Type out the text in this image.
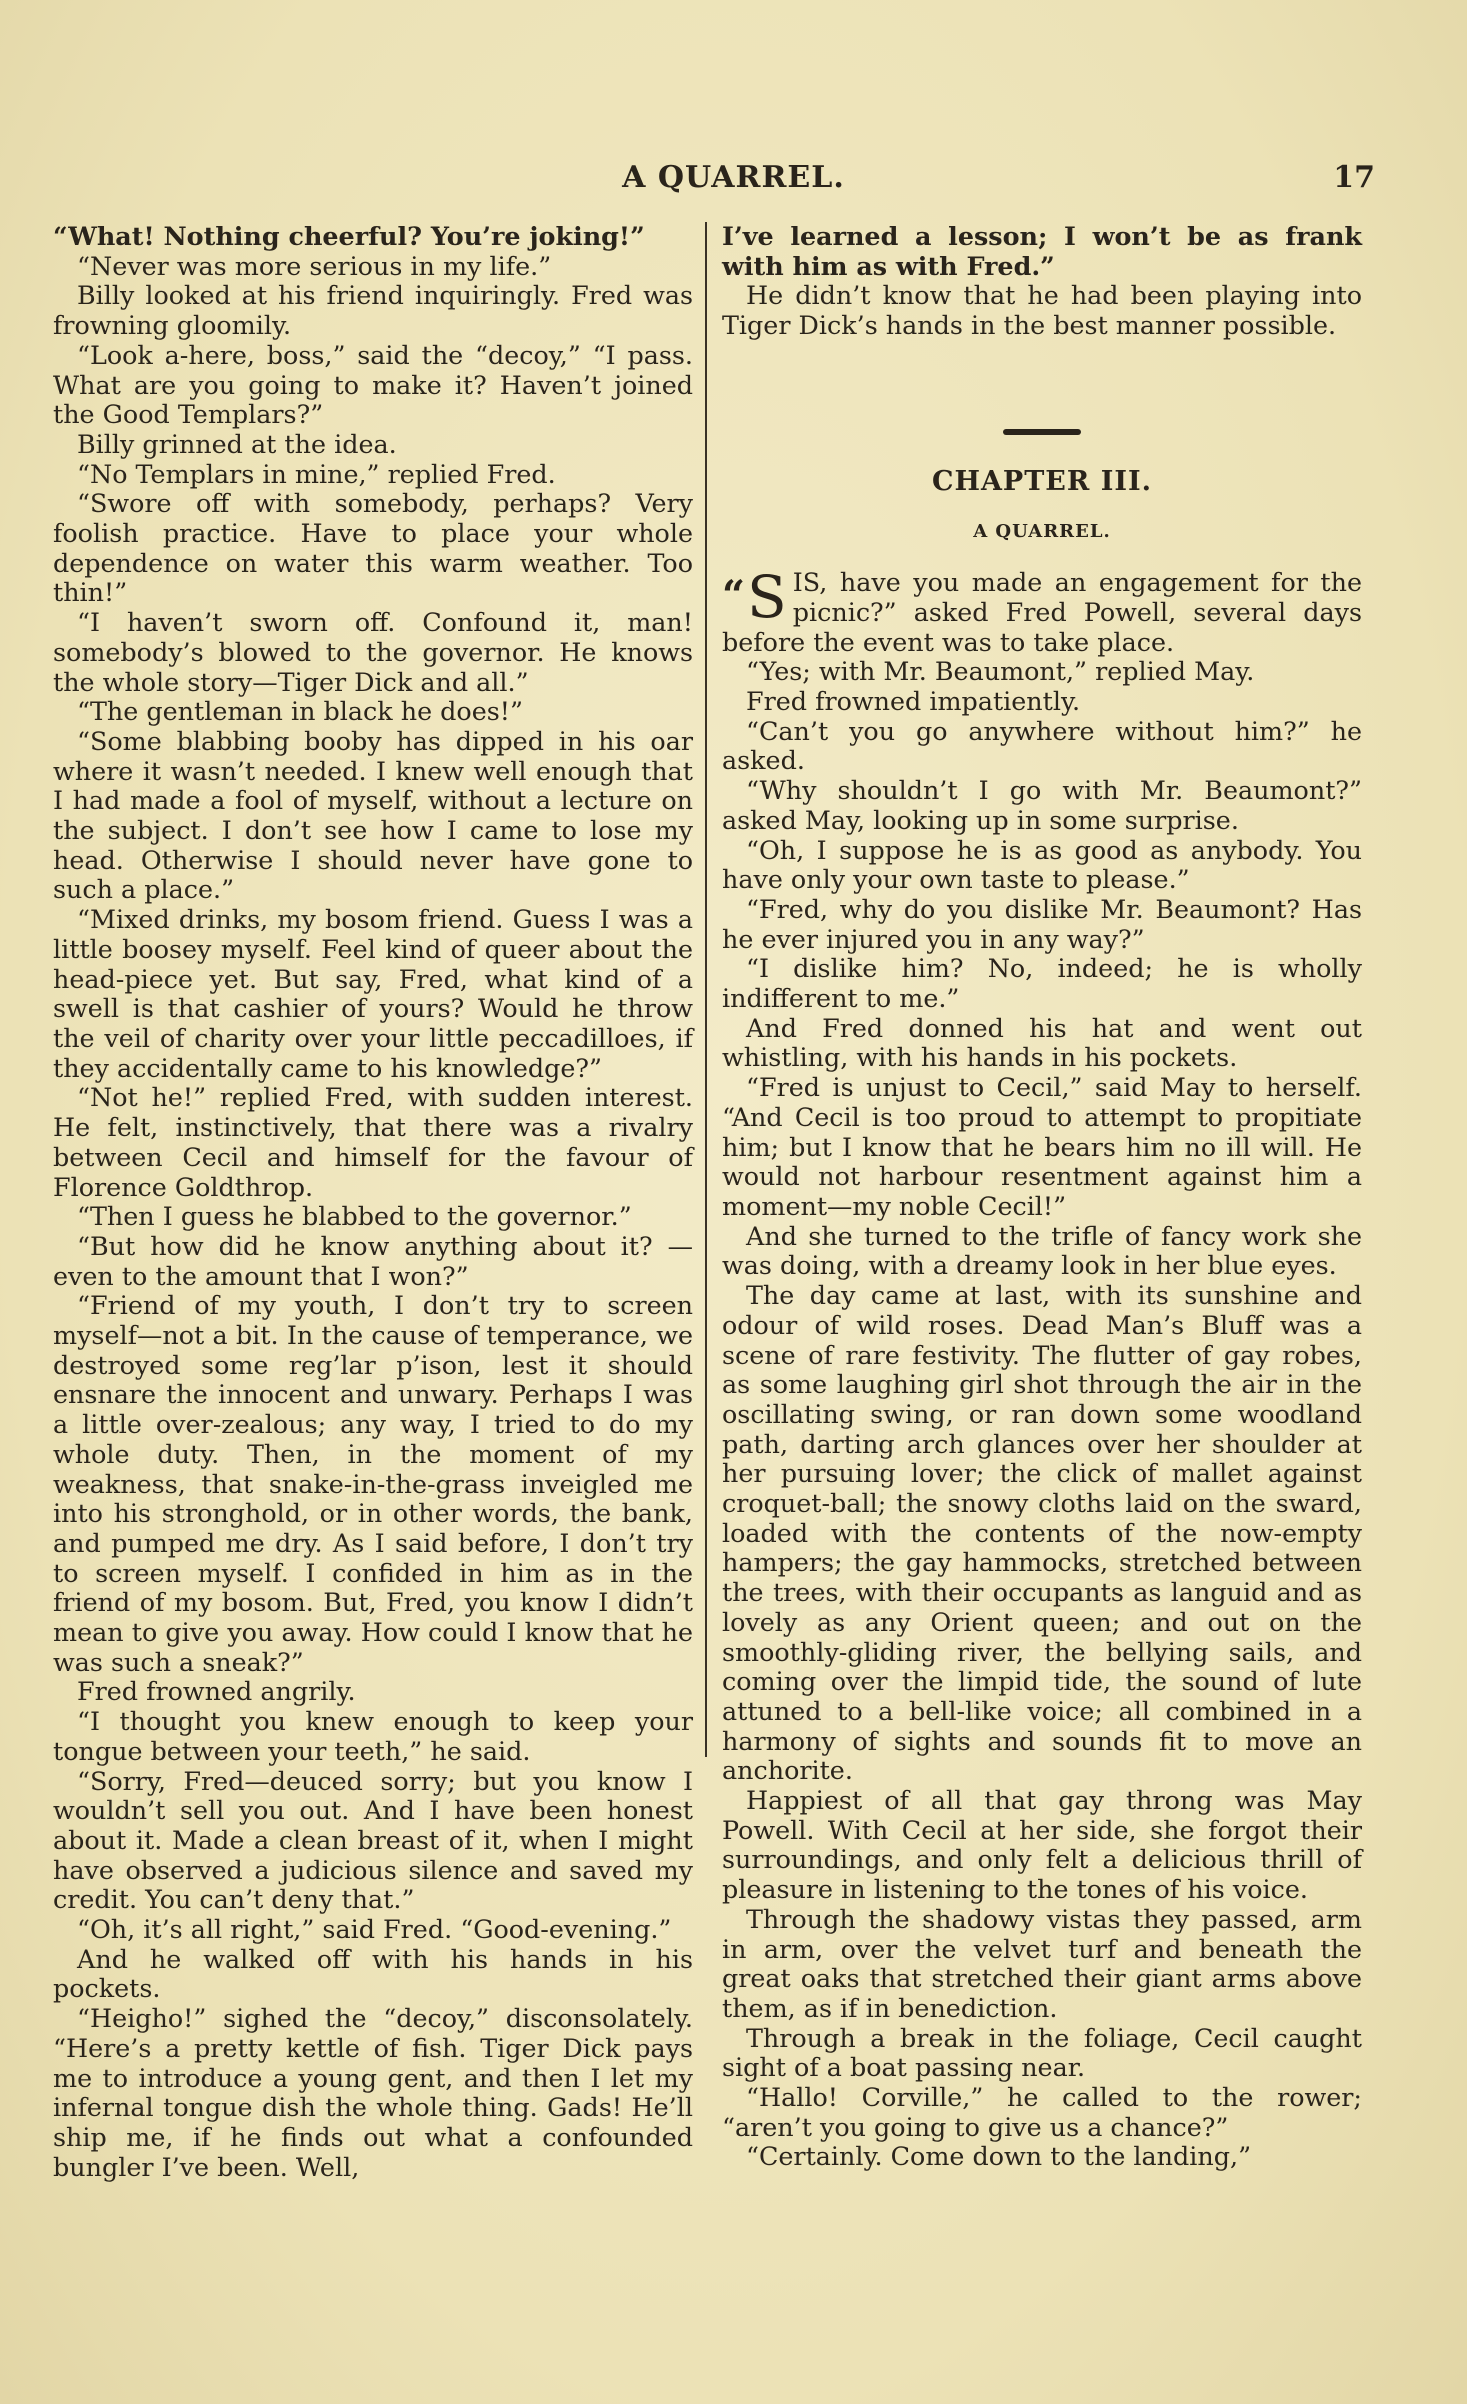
A QUARREL.	17

“What! Nothing cheerful? You’re joking!”

“Never was more serious in my life.”

Billy looked at his friend inquiringly. Fred was frowning gloomily.

“Look a-here, boss,” said the “decoy,” “I pass. What are you going to make it? Haven’t joined the Good Templars?”

Billy grinned at the idea.

“No Templars in mine,” replied Fred.

“Swore off with somebody, perhaps? Very foolish practice. Have to place your whole dependence on water this warm weather. Too thin!”

“I haven’t sworn off. Confound it, man! somebody’s blowed to the governor. He knows the whole story—Tiger Dick and all.”

“The gentleman in black he does!”

“Some blabbing booby has dipped in his oar where it wasn’t needed. I knew well enough that I had made a fool of myself, without a lecture on the subject. I don’t see how I came to lose my head. Otherwise I should never have gone to such a place.”

“Mixed drinks, my bosom friend. Guess I was a little boosey myself. Feel kind of queer about the head-piece yet. But say, Fred, what kind of a swell is that cashier of yours? Would he throw the veil of charity over your little peccadilloes, if they accidentally came to his knowledge?”

“Not he!” replied Fred, with sudden interest. He felt, instinctively, that there was a rivalry between Cecil and himself for the favour of Florence Goldthrop.

“Then I guess he blabbed to the governor.”

“But how did he know anything about it? —even to the amount that I won?”

“Friend of my youth, I don’t try to screen myself—not a bit. In the cause of temperance, we destroyed some reg’lar p’ison, lest it should ensnare the innocent and unwary. Perhaps I was a little over-zealous; any way, I tried to do my whole duty. Then, in the moment of my weakness, that snake-in-the-grass inveigled me into his stronghold, or in other words, the bank, and pumped me dry. As I said before, I don’t try to screen myself. I confided in him as in the friend of my bosom. But, Fred, you know I didn’t mean to give you away. How could I know that he was such a sneak?”

Fred frowned angrily.

“I thought you knew enough to keep your tongue between your teeth,” he said.

“Sorry, Fred—deuced sorry; but you know I wouldn’t sell you out. And I have been honest about it. Made a clean breast of it, when I might have observed a judicious silence and saved my credit. You can’t deny that.”

“Oh, it’s all right,” said Fred. “Good-evening.”

And he walked off with his hands in his pockets.

“Heigho!” sighed the “decoy,” disconsolately. “Here’s a pretty kettle of fish. Tiger Dick pays me to introduce a young gent, and then I let my infernal tongue dish the whole thing. Gads! He’ll ship me, if he finds out what a confounded bungler I’ve been. Well,

I’ve learned a lesson; I won’t be as frank with him as with Fred.”

He didn’t know that he had been playing into Tiger Dick’s hands in the best manner possible.

CHAPTER III.

A QUARREL.

“ S IS, have you made an engagement for the picnic?” asked Fred Powell, several days before the event was to take place.

“Yes; with Mr. Beaumont,” replied May.

Fred frowned impatiently.

“Can’t you go anywhere without him?” he asked.

“Why shouldn’t I go with Mr. Beaumont?” asked May, looking up in some surprise.

“Oh, I suppose he is as good as anybody. You have only your own taste to please.”

“Fred, why do you dislike Mr. Beaumont? Has he ever injured you in any way?”

“I dislike him? No, indeed; he is wholly indifferent to me.”

And Fred donned his hat and went out whistling, with his hands in his pockets.

“Fred is unjust to Cecil,” said May to herself. “And Cecil is too proud to attempt to propitiate him; but I know that he bears him no ill will. He would not harbour resentment against him a moment—my noble Cecil!”

And she turned to the trifle of fancy work she was doing, with a dreamy look in her blue eyes.

The day came at last, with its sunshine and odour of wild roses. Dead Man’s Bluff was a scene of rare festivity. The flutter of gay robes, as some laughing girl shot through the air in the oscillating swing, or ran down some woodland path, darting arch glances over her shoulder at her pursuing lover; the click of mallet against croquet-ball; the snowy cloths laid on the sward, loaded with the contents of the now-empty hampers; the gay hammocks, stretched between the trees, with their occupants as languid and as lovely as any Orient queen; and out on the smoothly-gliding river, the bellying sails, and coming over the limpid tide, the sound of lute attuned to a bell-like voice; all combined in a harmony of sights and sounds fit to move an anchorite.

Happiest of all that gay throng was May Powell. With Cecil at her side, she forgot their surroundings, and only felt a delicious thrill of pleasure in listening to the tones of his voice.

Through the shadowy vistas they passed, arm in arm, over the velvet turf and beneath the great oaks that stretched their giant arms above them, as if in benediction.

Through a break in the foliage, Cecil caught sight of a boat passing near.

“Hallo! Corville,” he called to the rower; “aren’t you going to give us a chance?”

“Certainly. Come down to the landing,”
